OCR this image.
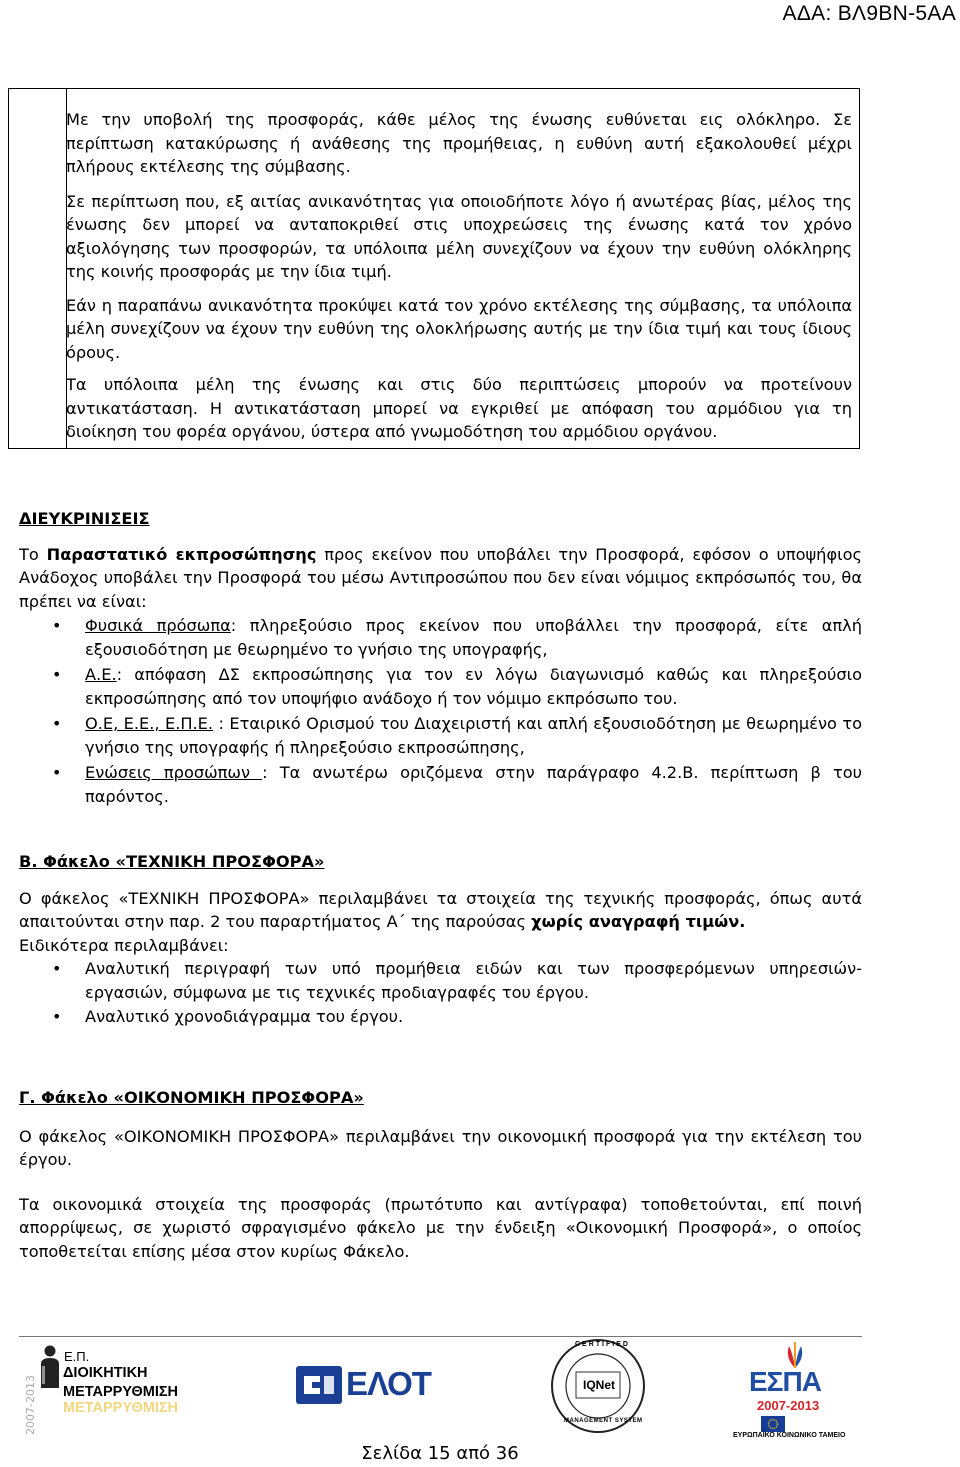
ΑΔΑ: ΒΛ9ΒΝ-5ΑΑ

Με την υποβολή της προσφοράς, κάθε μέλος της ένωσης ευθύνεται εις ολόκληρο. Σε περίπτωση κατακύρωσης ή ανάθεσης της προμήθειας, η ευθύνη αυτή εξακολουθεί μέχρι πλήρους εκτέλεσης της σύμβασης.

Σε περίπτωση που, εξ αιτίας ανικανότητας για οποιοδήποτε λόγο ή ανωτέρας βίας, μέλος της ένωσης δεν μπορεί να ανταποκριθεί στις υποχρεώσεις της ένωσης κατά τον χρόνο αξιολόγησης των προσφορών, τα υπόλοιπα μέλη συνεχίζουν να έχουν την ευθύνη ολόκληρης της κοινής προσφοράς με την ίδια τιμή.

Εάν η παραπάνω ανικανότητα προκύψει κατά τον χρόνο εκτέλεσης της σύμβασης, τα υπόλοιπα μέλη συνεχίζουν να έχουν την ευθύνη της ολοκλήρωσης αυτής με την ίδια τιμή και τους ίδιους όρους.

Τα υπόλοιπα μέλη της ένωσης και στις δύο περιπτώσεις μπορούν να προτείνουν αντικατάσταση. Η αντικατάσταση μπορεί να εγκριθεί με απόφαση του αρμόδιου για τη διοίκηση του φορέα οργάνου, ύστερα από γνωμοδότηση του αρμόδιου οργάνου.

ΔΙΕΥΚΡΙΝΙΣΕΙΣ

Το Παραστατικό εκπροσώπησης προς εκείνον που υποβάλει την Προσφορά, εφόσον ο υποψήφιος Ανάδοχος υποβάλει την Προσφορά του μέσω Αντιπροσώπου που δεν είναι νόμιμος εκπρόσωπός του, θα πρέπει να είναι:

• Φυσικά πρόσωπα: πληρεξούσιο προς εκείνον που υποβάλλει την προσφορά, είτε απλή εξουσιοδότηση με θεωρημένο το γνήσιο της υπογραφής,
• Α.Ε.: απόφαση ΔΣ εκπροσώπησης για τον εν λόγω διαγωνισμό καθώς και πληρεξούσιο εκπροσώπησης από τον υποψήφιο ανάδοχο ή τον νόμιμο εκπρόσωπο του.
• Ο.Ε, Ε.Ε., Ε.Π.Ε. : Εταιρικό Ορισμού του Διαχειριστή και απλή εξουσιοδότηση με θεωρημένο το γνήσιο της υπογραφής ή πληρεξούσιο εκπροσώπησης,
• Ενώσεις προσώπων : Τα ανωτέρω οριζόμενα στην παράγραφο 4.2.Β. περίπτωση β του παρόντος.

Β. Φάκελο «ΤΕΧΝΙΚΗ ΠΡΟΣΦΟΡΑ»

Ο φάκελος «ΤΕΧΝΙΚΗ ΠΡΟΣΦΟΡΑ» περιλαμβάνει τα στοιχεία της τεχνικής προσφοράς, όπως αυτά απαιτούνται στην παρ. 2 του παραρτήματος Α΄ της παρούσας χωρίς αναγραφή τιμών.

Ειδικότερα περιλαμβάνει:

• Αναλυτική περιγραφή των υπό προμήθεια ειδών και των προσφερόμενων υπηρεσιών- εργασιών, σύμφωνα με τις τεχνικές προδιαγραφές του έργου.
• Αναλυτικό χρονοδιάγραμμα του έργου.

Γ. Φάκελο «ΟΙΚΟΝΟΜΙΚΗ ΠΡΟΣΦΟΡΑ»

Ο φάκελος «ΟΙΚΟΝΟΜΙΚΗ ΠΡΟΣΦΟΡΑ» περιλαμβάνει την οικονομική προσφορά για την εκτέλεση του έργου.

Τα οικονομικά στοιχεία της προσφοράς (πρωτότυπο και αντίγραφα) τοποθετούνται, επί ποινή απορρίψεως, σε χωριστό σφραγισμένο φάκελο με την ένδειξη «Οικονομική Προσφορά», ο οποίος τοποθετείται επίσης μέσα στον κυρίως Φάκελο.

2007-2013
Ε.Π.
ΔΙΟΙΚΗΤΙΚΗ
ΜΕΤΑΡΡΥΘΜΙΣΗ
ΜΕΤΑΡΡΥΘΜΙΣΗ
ΕΛΟΤ
CERTIFIED
IQNet
MANAGEMENT SYSTEM
ΕΣΠΑ
2007-2013
ΕΥΡΩΠΑΪΚΟ ΚΟΙΝΩΝΙΚΟ ΤΑΜΕΙΟ
Σελίδα 15 από 36
